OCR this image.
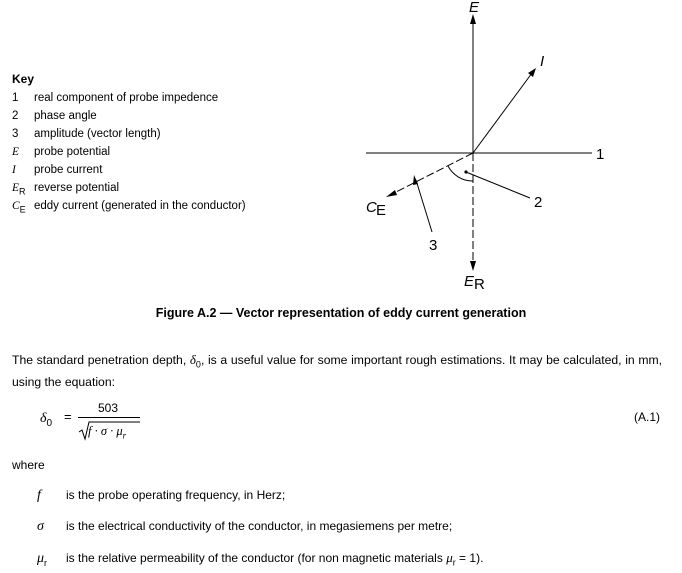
Key
1 real component of probe impedence
2 phase angle
3 amplitude (vector length)
E probe potential
I probe current
$E_R$ reverse potential
$C_E$ eddy current (generated in the conductor)
E
1
I
E R
C E	2
3
Figure A.2 — Vector representation of eddy current generation
The standard penetration depth, $\delta_0$, is a useful value for some important rough estimations. It may be calculated, in mm, using the equation:
$\delta_0$ =
503
$f \cdot \sigma \cdot \mu_r$
(A.1)
where
f is the probe operating frequency, in Herz;
σ is the electrical conductivity of the conductor, in megasiemens per metre;
$\mu_r$ is the relative permeability of the conductor (for non magnetic materials $\mu_r = 1$).
